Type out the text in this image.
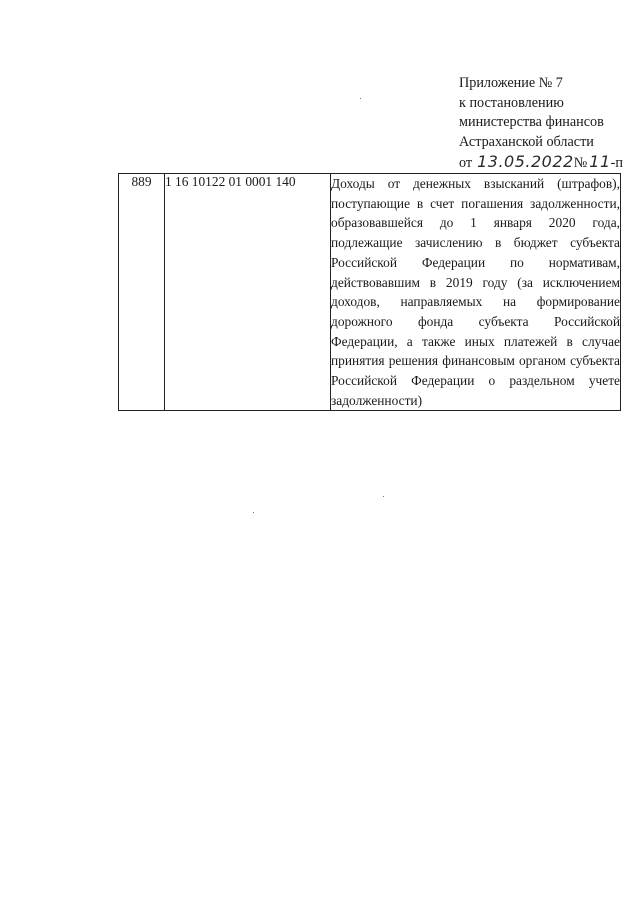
Приложение № 7
к постановлению
министерства финансов
Астраханской области
от 13.05.2022 № 11 -п
889	1 16 10122 01 0001 140	Доходы от денежных взысканий (штрафов), поступающие в счет погашения задолженности, образовавшейся до 1 января 2020 года, подлежащие зачислению в бюджет субъекта Российской Федерации по нормативам, действовавшим в 2019 году (за исключением доходов, направляемых на формирование дорожного фонда субъекта Российской Федерации, а также иных платежей в случае принятия решения финансовым органом субъекта Российской Федерации о раздельном учете задолженности)
